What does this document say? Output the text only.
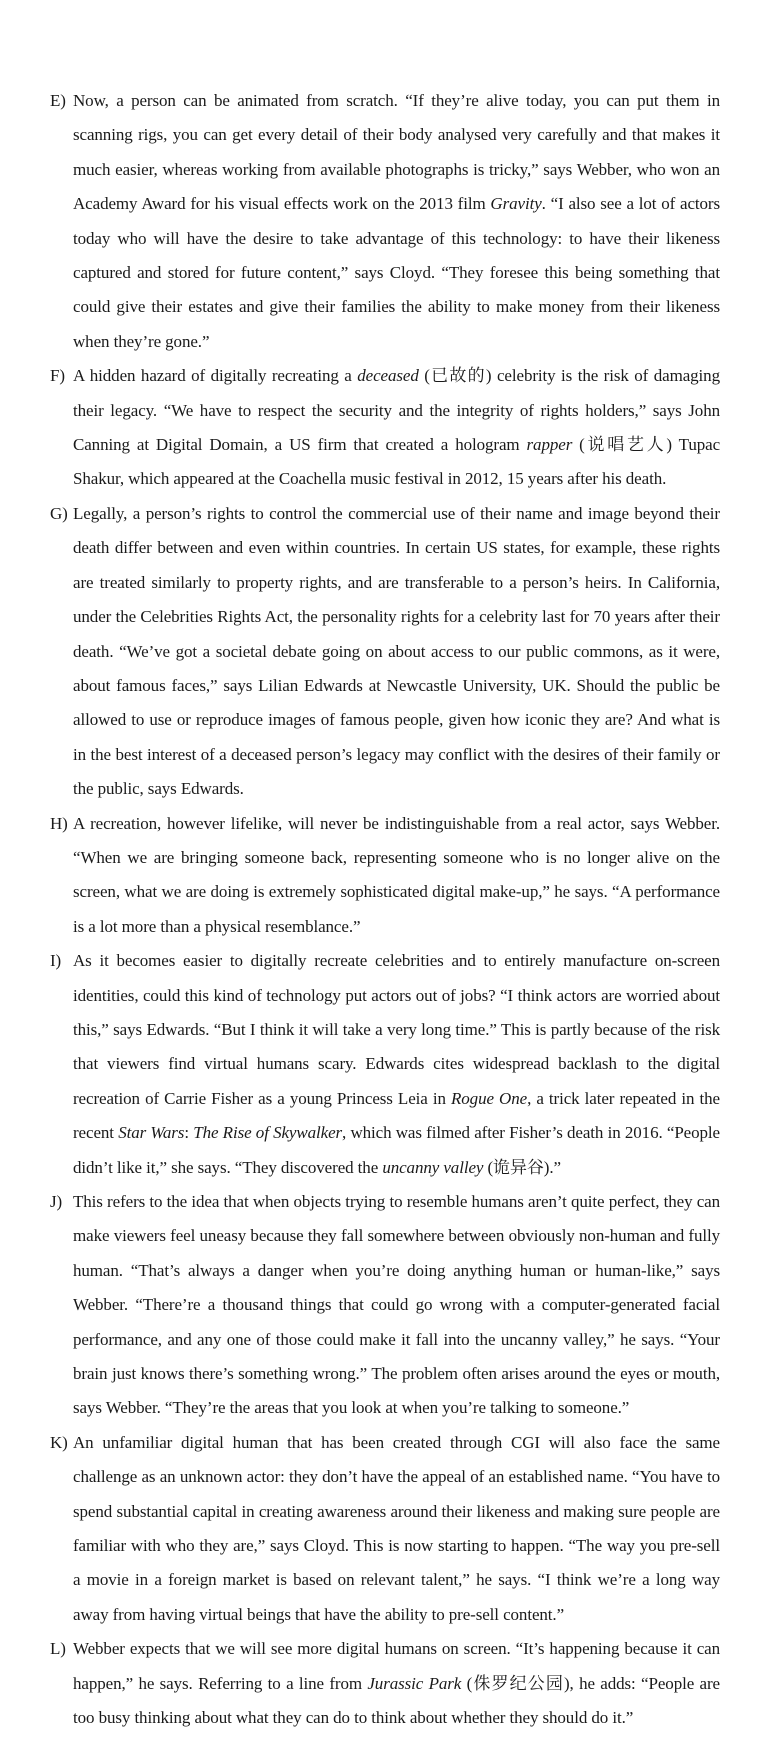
E) Now, a person can be animated from scratch. “If they’re alive today, you can put them in scanning rigs, you can get every detail of their body analysed very carefully and that makes it much easier, whereas working from available photographs is tricky,” says Webber, who won an Academy Award for his visual effects work on the 2013 film Gravity. “I also see a lot of actors today who will have the desire to take advantage of this technology: to have their likeness captured and stored for future content,” says Cloyd. “They foresee this being something that could give their estates and give their families the ability to make money from their likeness when they’re gone.”
F) A hidden hazard of digitally recreating a deceased (已故的) celebrity is the risk of damaging their legacy. “We have to respect the security and the integrity of rights holders,” says John Canning at Digital Domain, a US firm that created a hologram rapper (说唱艺人) Tupac Shakur, which appeared at the Coachella music festival in 2012, 15 years after his death.
G) Legally, a person’s rights to control the commercial use of their name and image beyond their death differ between and even within countries. In certain US states, for example, these rights are treated similarly to property rights, and are transferable to a person’s heirs. In California, under the Celebrities Rights Act, the personality rights for a celebrity last for 70 years after their death. “We’ve got a societal debate going on about access to our public commons, as it were, about famous faces,” says Lilian Edwards at Newcastle University, UK. Should the public be allowed to use or reproduce images of famous people, given how iconic they are? And what is in the best interest of a deceased person’s legacy may conflict with the desires of their family or the public, says Edwards.
H) A recreation, however lifelike, will never be indistinguishable from a real actor, says Webber. “When we are bringing someone back, representing someone who is no longer alive on the screen, what we are doing is extremely sophisticated digital make-up,” he says. “A performance is a lot more than a physical resemblance.”
I) As it becomes easier to digitally recreate celebrities and to entirely manufacture on-screen identities, could this kind of technology put actors out of jobs? “I think actors are worried about this,” says Edwards. “But I think it will take a very long time.” This is partly because of the risk that viewers find virtual humans scary. Edwards cites widespread backlash to the digital recreation of Carrie Fisher as a young Princess Leia in Rogue One, a trick later repeated in the recent Star Wars: The Rise of Skywalker, which was filmed after Fisher’s death in 2016. “People didn’t like it,” she says. “They discovered the uncanny valley (诡异谷).”
J) This refers to the idea that when objects trying to resemble humans aren’t quite perfect, they can make viewers feel uneasy because they fall somewhere between obviously non-human and fully human. “That’s always a danger when you’re doing anything human or human-like,” says Webber. “There’re a thousand things that could go wrong with a computer-generated facial performance, and any one of those could make it fall into the uncanny valley,” he says. “Your brain just knows there’s something wrong.” The problem often arises around the eyes or mouth, says Webber. “They’re the areas that you look at when you’re talking to someone.”
K) An unfamiliar digital human that has been created through CGI will also face the same challenge as an unknown actor: they don’t have the appeal of an established name. “You have to spend substantial capital in creating awareness around their likeness and making sure people are familiar with who they are,” says Cloyd. This is now starting to happen. “The way you pre-sell a movie in a foreign market is based on relevant talent,” he says. “I think we’re a long way away from having virtual beings that have the ability to pre-sell content.”
L) Webber expects that we will see more digital humans on screen. “It’s happening because it can happen,” he says. Referring to a line from Jurassic Park (侏罗纪公园), he adds: “People are too busy thinking about what they can do to think about whether they should do it.”
